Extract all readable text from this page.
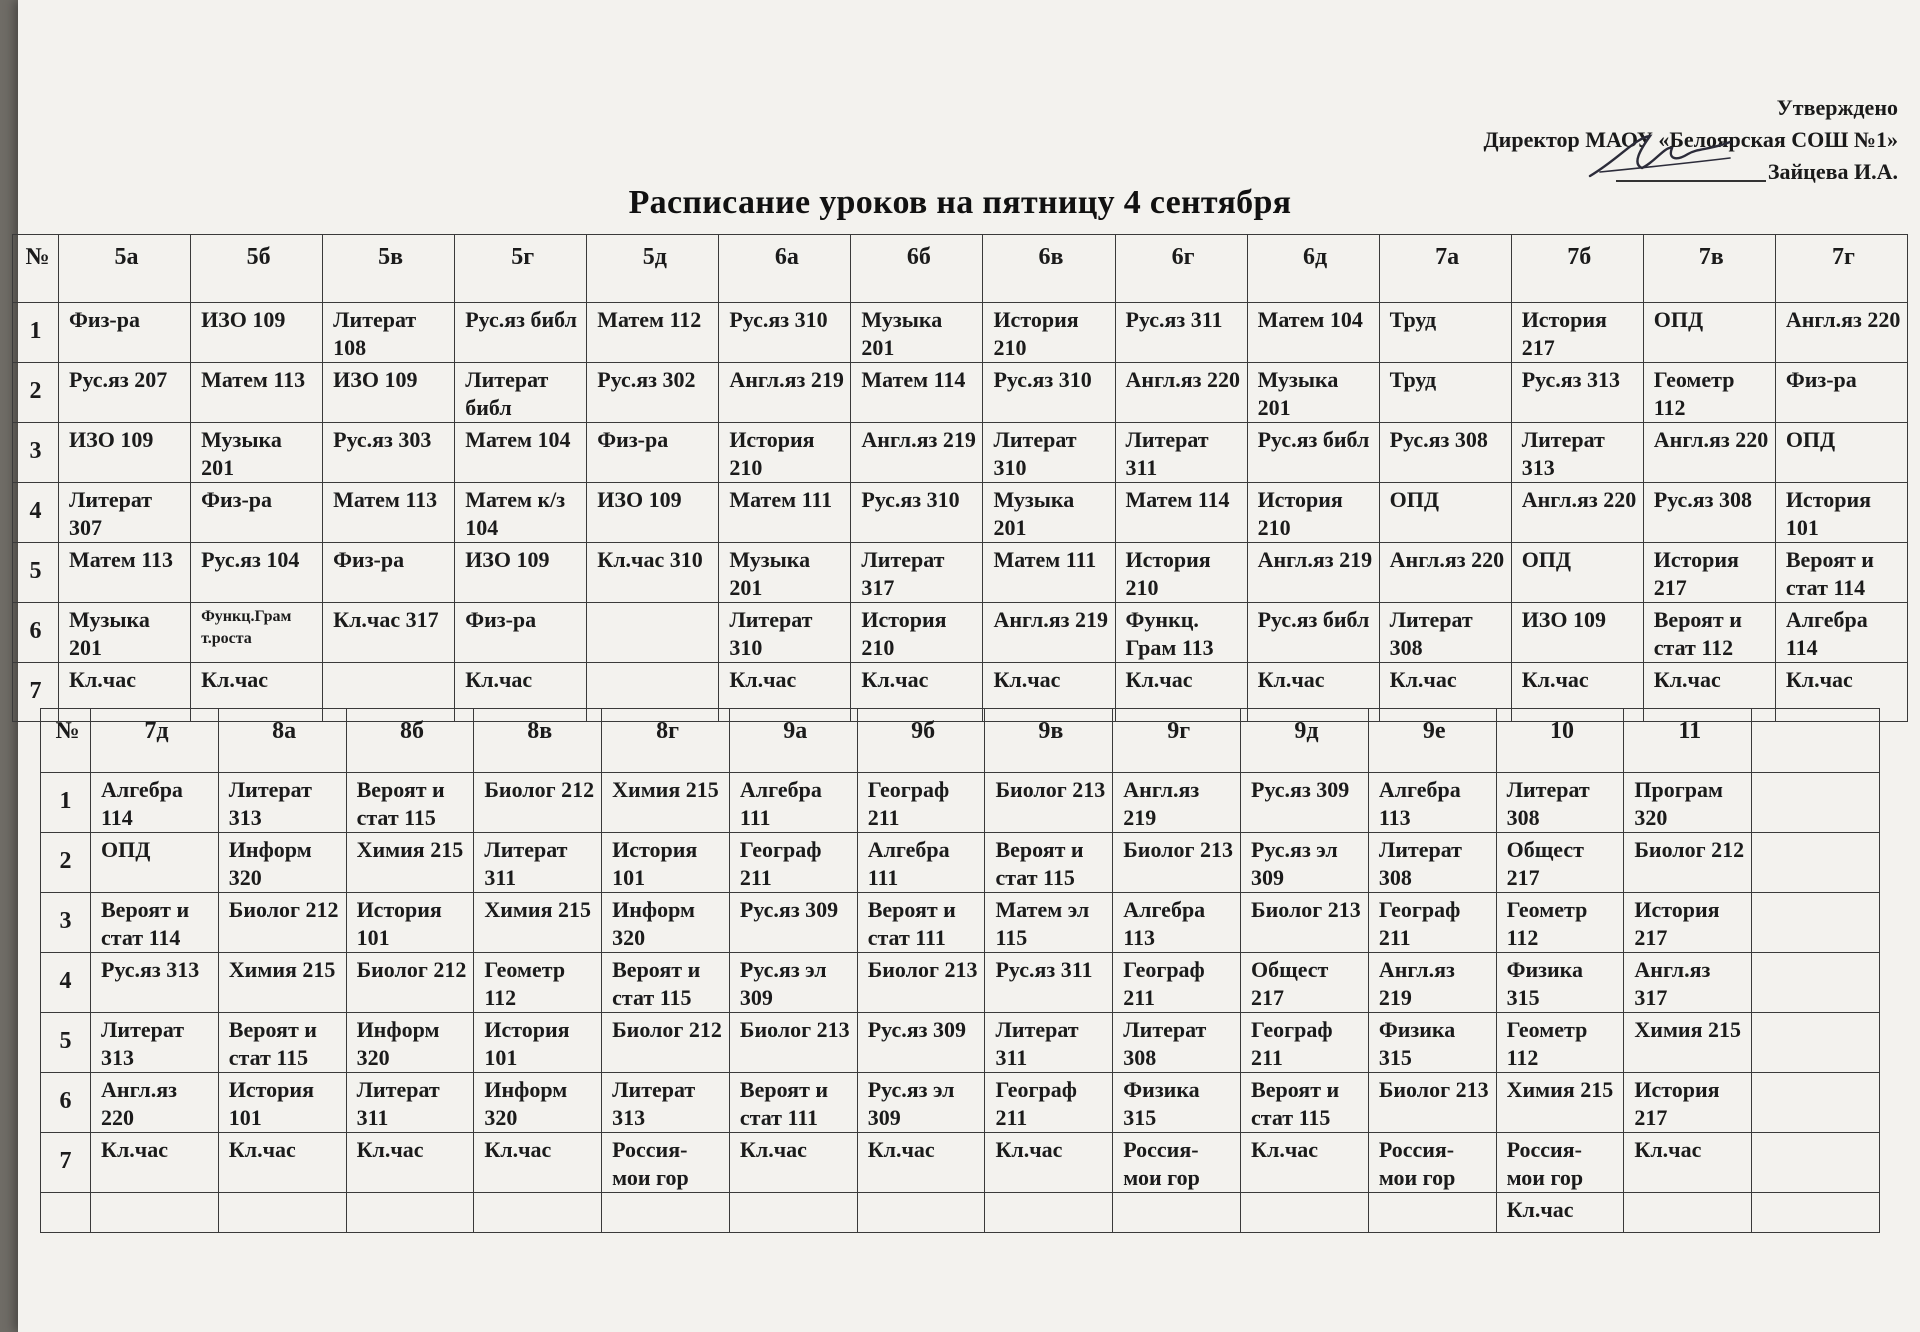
Утверждено
Директор МАОУ «Белоярская СОШ №1»
Зайцева И.А.
Расписание уроков на пятницу 4 сентября
№	5а	5б	5в	5г	5д	6а	6б	6в	6г	6д	7а	7б	7в	7г
1	Физ-ра	ИЗО 109	Литерат 108	Рус.яз библ	Матем 112	Рус.яз 310	Музыка 201	История 210	Рус.яз 311	Матем 104	Труд	История 217	ОПД	Англ.яз 220
2	Рус.яз 207	Матем 113	ИЗО 109	Литерат библ	Рус.яз 302	Англ.яз 219	Матем 114	Рус.яз 310	Англ.яз 220	Музыка 201	Труд	Рус.яз 313	Геометр 112	Физ-ра
3	ИЗО 109	Музыка 201	Рус.яз 303	Матем 104	Физ-ра	История 210	Англ.яз 219	Литерат 310	Литерат 311	Рус.яз библ	Рус.яз 308	Литерат 313	Англ.яз 220	ОПД
4	Литерат 307	Физ-ра	Матем 113	Матем к/з 104	ИЗО 109	Матем 111	Рус.яз 310	Музыка 201	Матем 114	История 210	ОПД	Англ.яз 220	Рус.яз 308	История 101
5	Матем 113	Рус.яз 104	Физ-ра	ИЗО 109	Кл.час 310	Музыка 201	Литерат 317	Матем 111	История 210	Англ.яз 219	Англ.яз 220	ОПД	История 217	Вероят и стат 114
6	Музыка 201	Функц.Грам т.роста	Кл.час 317	Физ-ра		Литерат 310	История 210	Англ.яз 219	Функц. Грам 113	Рус.яз библ	Литерат 308	ИЗО 109	Вероят и стат 112	Алгебра 114
7	Кл.час	Кл.час		Кл.час		Кл.час	Кл.час	Кл.час	Кл.час	Кл.час	Кл.час	Кл.час	Кл.час	Кл.час
№	7д	8а	8б	8в	8г	9а	9б	9в	9г	9д	9е	10	11	
1	Алгебра 114	Литерат 313	Вероят и стат 115	Биолог 212	Химия 215	Алгебра 111	Географ 211	Биолог 213	Англ.яз 219	Рус.яз 309	Алгебра 113	Литерат 308	Програм 320	
2	ОПД	Информ 320	Химия 215	Литерат 311	История 101	Географ 211	Алгебра 111	Вероят и стат 115	Биолог 213	Рус.яз эл 309	Литерат 308	Общест 217	Биолог 212	
3	Вероят и стат 114	Биолог 212	История 101	Химия 215	Информ 320	Рус.яз 309	Вероят и стат 111	Матем эл 115	Алгебра 113	Биолог 213	Географ 211	Геометр 112	История 217	
4	Рус.яз 313	Химия 215	Биолог 212	Геометр 112	Вероят и стат 115	Рус.яз эл 309	Биолог 213	Рус.яз 311	Географ 211	Общест 217	Англ.яз 219	Физика 315	Англ.яз 317	
5	Литерат 313	Вероят и стат 115	Информ 320	История 101	Биолог 212	Биолог 213	Рус.яз 309	Литерат 311	Литерат 308	Географ 211	Физика 315	Геометр 112	Химия 215	
6	Англ.яз 220	История 101	Литерат 311	Информ 320	Литерат 313	Вероят и стат 111	Рус.яз эл 309	Географ 211	Физика 315	Вероят и стат 115	Биолог 213	Химия 215	История 217	
7	Кл.час	Кл.час	Кл.час	Кл.час	Россия- мои гор	Кл.час	Кл.час	Кл.час	Россия- мои гор	Кл.час	Россия- мои гор	Россия- мои гор	Кл.час	
												Кл.час		
